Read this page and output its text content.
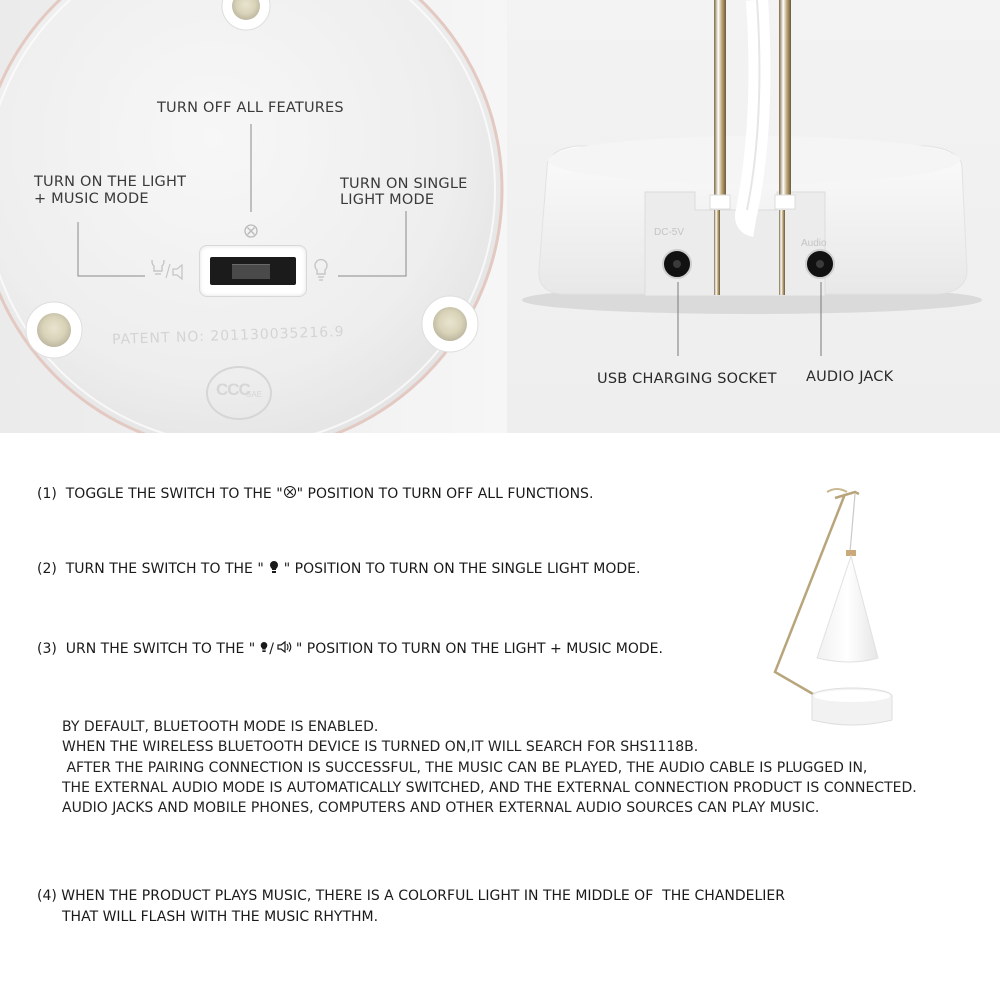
PATENT NO: 201130035216.9
CCC
SAE
TURN OFF ALL FEATURES
TURN ON THE LIGHT
+ MUSIC MODE
TURN ON SINGLE
LIGHT MODE
DC-5V
Audio
USB CHARGING SOCKET AUDIO JACK
(1) TOGGLE THE SWITCH TO THE " " POSITION TO TURN OFF ALL FUNCTIONS.
(2) TURN THE SWITCH TO THE " " POSITION TO TURN ON THE SINGLE LIGHT MODE.
(3) URN THE SWITCH TO THE " / " POSITION TO TURN ON THE LIGHT + MUSIC MODE.
BY DEFAULT, BLUETOOTH MODE IS ENABLED.
WHEN THE WIRELESS BLUETOOTH DEVICE IS TURNED ON,IT WILL SEARCH FOR SHS1118B.
AFTER THE PAIRING CONNECTION IS SUCCESSFUL, THE MUSIC CAN BE PLAYED, THE AUDIO CABLE IS PLUGGED IN,
THE EXTERNAL AUDIO MODE IS AUTOMATICALLY SWITCHED, AND THE EXTERNAL CONNECTION PRODUCT IS CONNECTED.
AUDIO JACKS AND MOBILE PHONES, COMPUTERS AND OTHER EXTERNAL AUDIO SOURCES CAN PLAY MUSIC.
(4) WHEN THE PRODUCT PLAYS MUSIC, THERE IS A COLORFUL LIGHT IN THE MIDDLE OF  THE CHANDELIER
THAT WILL FLASH WITH THE MUSIC RHYTHM.
